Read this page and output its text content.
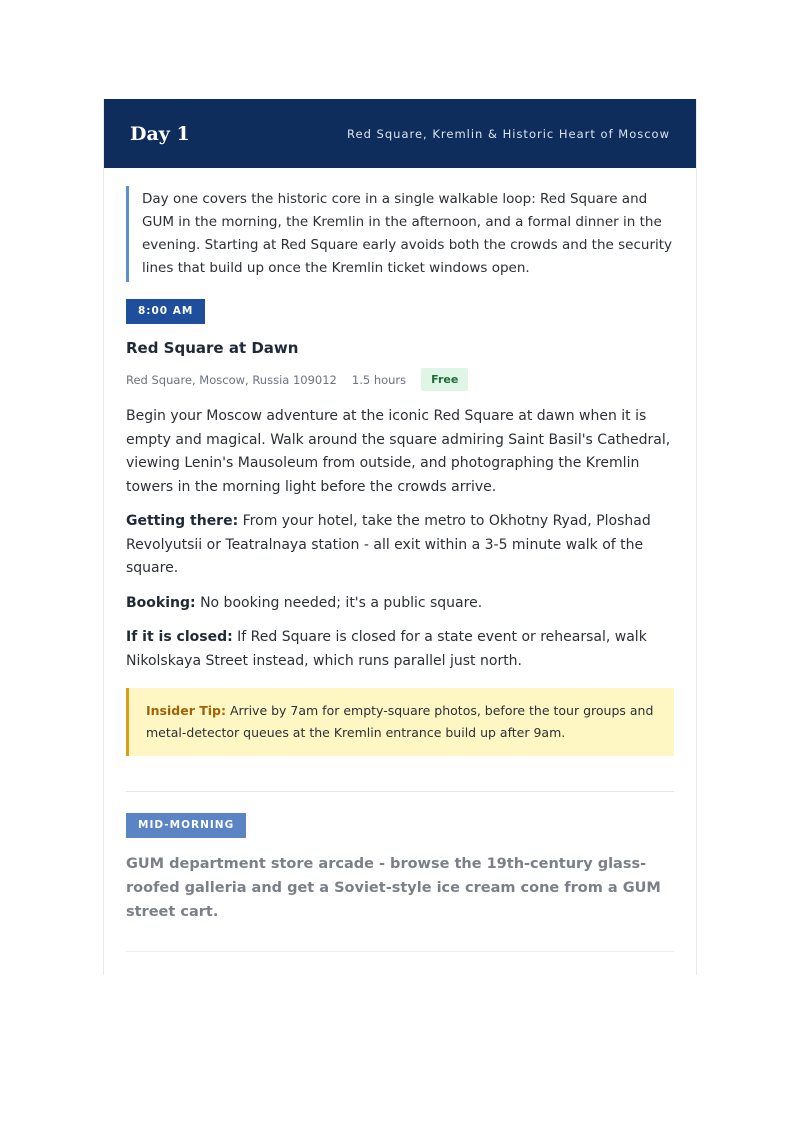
Day 1	Red Square, Kremlin & Historic Heart of Moscow
Day one covers the historic core in a single walkable loop: Red Square and GUM in the morning, the Kremlin in the afternoon, and a formal dinner in the evening. Starting at Red Square early avoids both the crowds and the security lines that build up once the Kremlin ticket windows open.
8:00 AM
Red Square at Dawn
Red Square, Moscow, Russia 109012 1.5 hours	Free
Begin your Moscow adventure at the iconic Red Square at dawn when it is empty and magical. Walk around the square admiring Saint Basil's Cathedral, viewing Lenin's Mausoleum from outside, and photographing the Kremlin towers in the morning light before the crowds arrive.
Getting there: From your hotel, take the metro to Okhotny Ryad, Ploshad Revolyutsii or Teatralnaya station - all exit within a 3-5 minute walk of the square.
Booking: No booking needed; it's a public square.
If it is closed: If Red Square is closed for a state event or rehearsal, walk Nikolskaya Street instead, which runs parallel just north.
Insider Tip: Arrive by 7am for empty-square photos, before the tour groups and metal-detector queues at the Kremlin entrance build up after 9am.
MID-MORNING
GUM department store arcade - browse the 19th-century glass-roofed galleria and get a Soviet-style ice cream cone from a GUM street cart.
